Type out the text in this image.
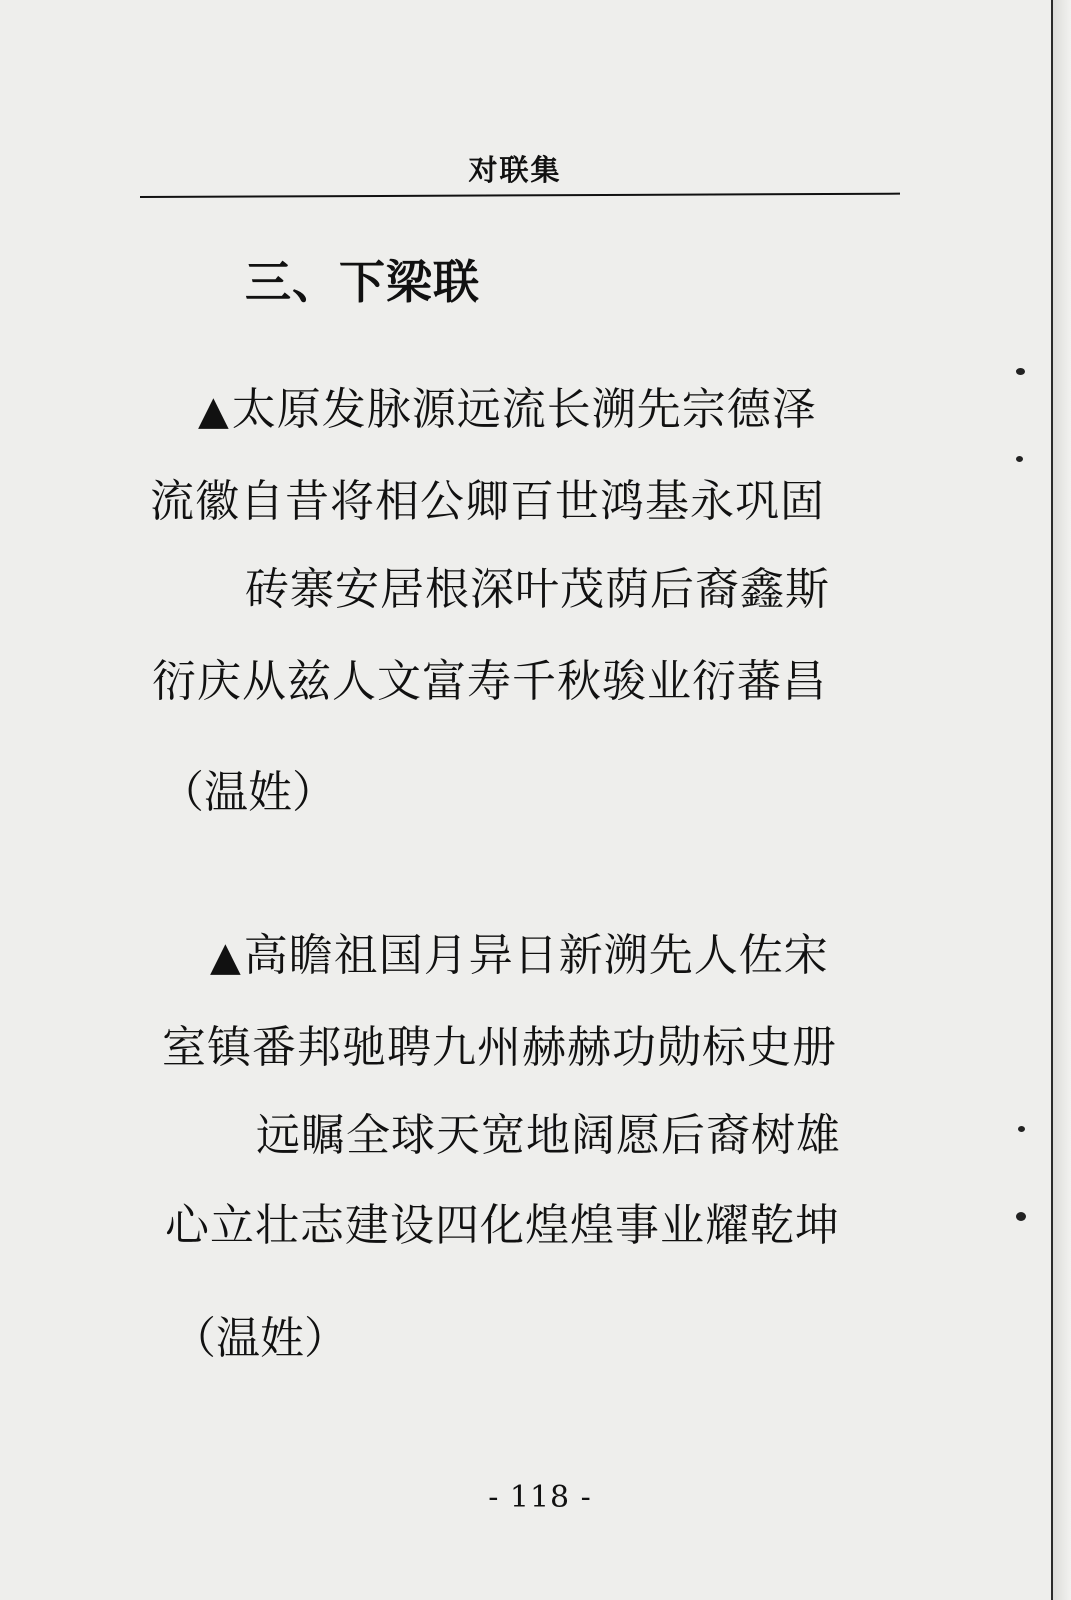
对联集
三、下梁联
▲太原发脉源远流长溯先宗德泽
流徽自昔将相公卿百世鸿基永巩固
砖寨安居根深叶茂荫后裔鑫斯
衍庆从兹人文富寿千秋骏业衍蕃昌
（温姓）
▲高瞻祖国月异日新溯先人佐宋
室镇番邦驰聘九州赫赫功勋标史册
远瞩全球天宽地阔愿后裔树雄
心立壮志建设四化煌煌事业耀乾坤
（温姓）
- 118 -
